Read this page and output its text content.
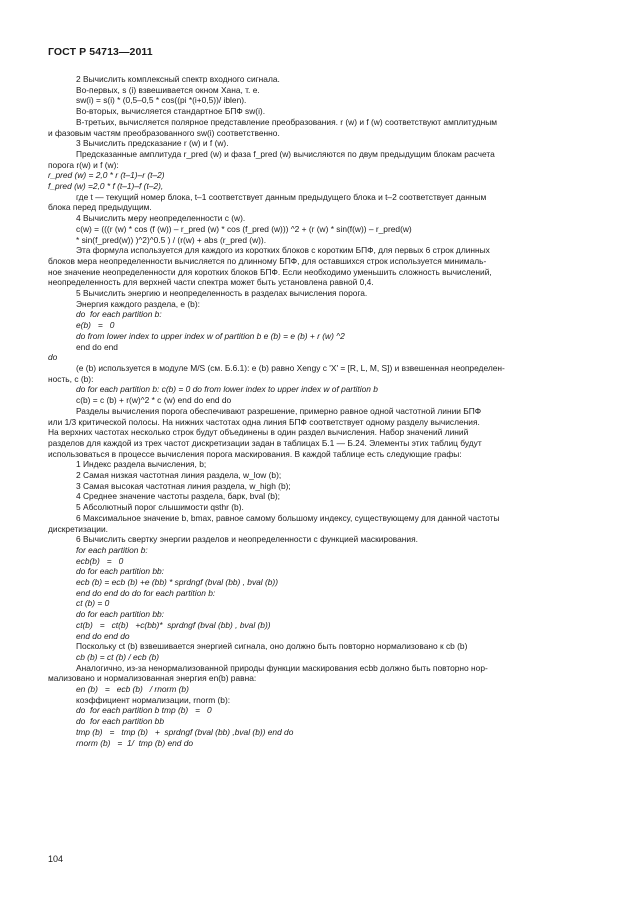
ГОСТ Р 54713—2011
2 Вычислить комплексный спектр входного сигнала.
Во-первых, s (i) взвешивается окном Хана, т. е.
sw(i) = s(i) * (0,5–0,5 * cos((pi *(i+0,5))/ iblen).
Во-вторых, вычисляется стандартное БПФ sw(i).
В-третьих, вычисляется полярное представление преобразования. r (w) и f (w) соответствуют амплитудным
и фазовым частям преобразованного sw(i) соответственно.
3 Вычислить предсказание r (w) и f (w).
Предсказанные амплитуда r_pred (w) и фаза f_pred (w) вычисляются по двум предыдущим блокам расчета
порога r(w) и f (w):
r_pred (w) = 2,0 * r (t–1)–r (t–2)
f_pred (w) =2,0 * f (t–1)–f (t–2),
где t — текущий номер блока, t–1 соответствует данным предыдущего блока и t–2 соответствует данным
блока перед предыдущим.
4 Вычислить меру неопределенности c (w).
c(w) = (((r (w) * cos (f (w)) – r_pred (w) * cos (f_pred (w))) ^2 + (r (w) * sin(f(w)) – r_pred(w)
* sin(f_pred(w)) )^2)^0.5 ) / (r(w) + abs (r_pred (w)).
Эта формула используется для каждого из коротких блоков с коротким БПФ, для первых 6 строк длинных
блоков мера неопределенности вычисляется по длинному БПФ, для оставшихся строк используется минималь-
ное значение неопределенности для коротких блоков БПФ. Если необходимо уменьшить сложность вычислений,
неопределенность для верхней части спектра может быть установлена равной 0,4.
5 Вычислить энергию и неопределенность в разделах вычисления порога.
Энергия каждого раздела, e (b):
do  for each partition b:
e(b)   =   0
do from lower index to upper index w of partition b e (b) = e (b) + r (w) ^2
end do end
do
(e (b) используется в модуле M/S (см. Б.6.1): e (b) равно Xengy с 'X' = [R, L, M, S]) и взвешенная неопределен-
ность, c (b):
do for each partition b: c(b) = 0 do from lower index to upper index w of partition b
c(b) = c (b) + r(w)^2 * c (w) end do end do
Разделы вычисления порога обеспечивают разрешение, примерно равное одной частотной линии БПФ
или 1/3 критической полосы. На нижних частотах одна линия БПФ соответствует одному разделу вычисления.
На верхних частотах несколько строк будут объединены в один раздел вычисления. Набор значений линий
разделов для каждой из трех частот дискретизации задан в таблицах Б.1 — Б.24. Элементы этих таблиц будут
использоваться в процессе вычисления порога маскирования. В каждой таблице есть следующие графы:
1 Индекс раздела вычисления, b;
2 Самая низкая частотная линия раздела, w_low (b);
3 Самая высокая частотная линия раздела, w_high (b);
4 Среднее значение частоты раздела, барк, bval (b);
5 Абсолютный порог слышимости qsthr (b).
6 Максимальное значение b, bmax, равное самому большому индексу, существующему для данной частоты
дискретизации.
6 Вычислить свертку энергии разделов и неопределенности с функцией маскирования.
for each partition b:
ecb(b)   =   0
do for each partition bb:
ecb (b) = ecb (b) +e (bb) * sprdngf (bval (bb) , bval (b))
end do end do do for each partition b:
ct (b) = 0
do for each partition bb:
ct(b)   =   ct(b)   +c(bb)*  sprdngf (bval (bb) , bval (b))
end do end do
Поскольку ct (b) взвешивается энергией сигнала, оно должно быть повторно нормализовано к cb (b)
cb (b) = ct (b) / ecb (b)
Аналогично, из-за ненормализованной природы функции маскирования ecbb должно быть повторно нор-
мализовано и нормализованная энергия en(b) равна:
en (b)   =   ecb (b)   / rnorm (b)
коэффициент нормализации, rnorm (b):
do  for each partition b tmp (b)   =   0
do  for each partition bb
tmp (b)   =   tmp (b)   +  sprdngf (bval (bb) ,bval (b)) end do
rnorm (b)   =  1/  tmp (b) end do
104
